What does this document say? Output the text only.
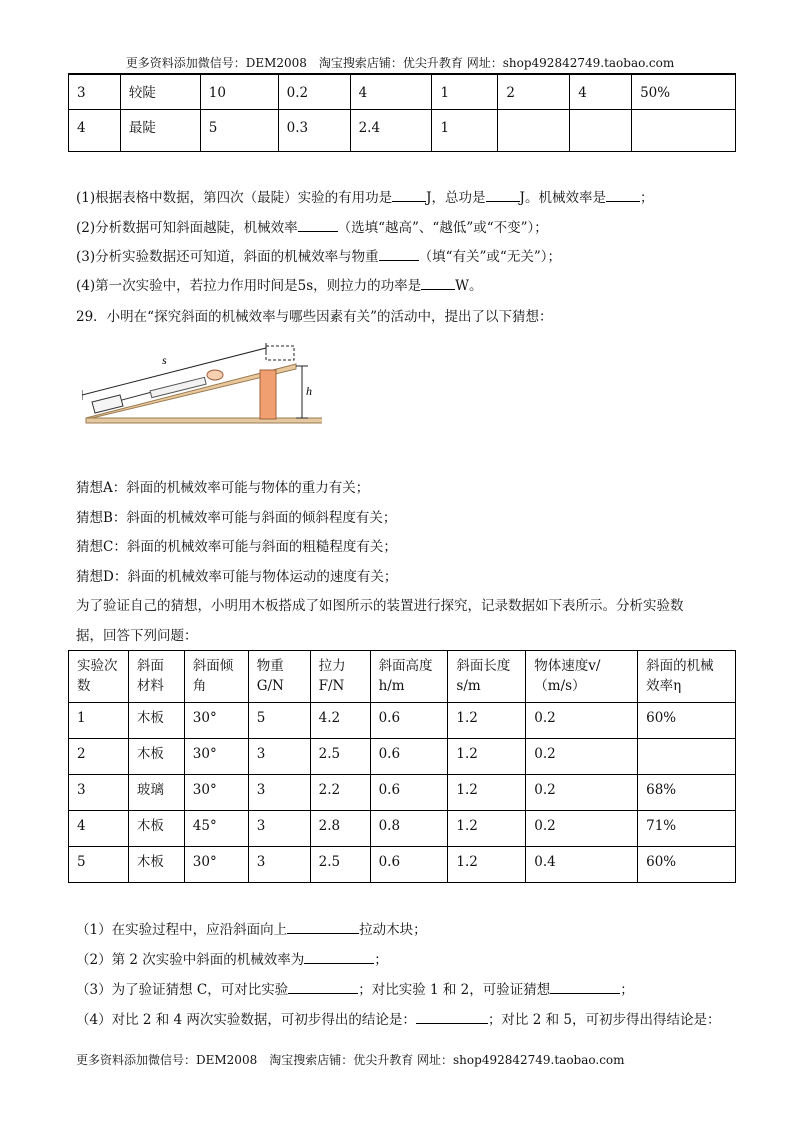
更多资料添加微信号：DEM2008　淘宝搜索店铺：优尖升教育 网址：shop492842749.taobao.com
3	较陡	10	0.2	4	1	2	4	50%
4	最陡	5	0.3	2.4	1			
(1)根据表格中数据，第四次（最陡）实验的有用功是	J，总功是	J。机械效率是	；
(2)分析数据可知斜面越陡，机械效率	（选填“越高”、“越低”或“不变”）；
(3)分析实验数据还可知道，斜面的机械效率与物重	（填“有关”或“无关”）；
(4)第一次实验中，若拉力作用时间是5s，则拉力的功率是	W。
29．小明在“探究斜面的机械效率与哪些因素有关”的活动中，提出了以下猜想：
s
h
猜想A：斜面的机械效率可能与物体的重力有关；
猜想B：斜面的机械效率可能与斜面的倾斜程度有关；
猜想C：斜面的机械效率可能与斜面的粗糙程度有关；
猜想D：斜面的机械效率可能与物体运动的速度有关；
为了验证自己的猜想，小明用木板搭成了如图所示的装置进行探究，记录数据如下表所示。分析实验数
据，回答下列问题：
实验次数	斜面材料	斜面倾角	物重G/N	拉力F/N	斜面高度h/m	斜面长度s/m	物体速度v/（m/s）	斜面的机械效率η
1	木板	30°	5	4.2	0.6	1.2	0.2	60%
2	木板	30°	3	2.5	0.6	1.2	0.2	
3	玻璃	30°	3	2.2	0.6	1.2	0.2	68%
4	木板	45°	3	2.8	0.8	1.2	0.2	71%
5	木板	30°	3	2.5	0.6	1.2	0.4	60%
（1）在实验过程中，应沿斜面向上	拉动木块；
（2）第 2 次实验中斜面的机械效率为	；
（3）为了验证猜想 C，可对比实验	；对比实验 1 和 2，可验证猜想	；
（4）对比 2 和 4 两次实验数据，可初步得出的结论是：	；对比 2 和 5，可初步得出得结论是：
更多资料添加微信号：DEM2008　淘宝搜索店铺：优尖升教育 网址：shop492842749.taobao.com
